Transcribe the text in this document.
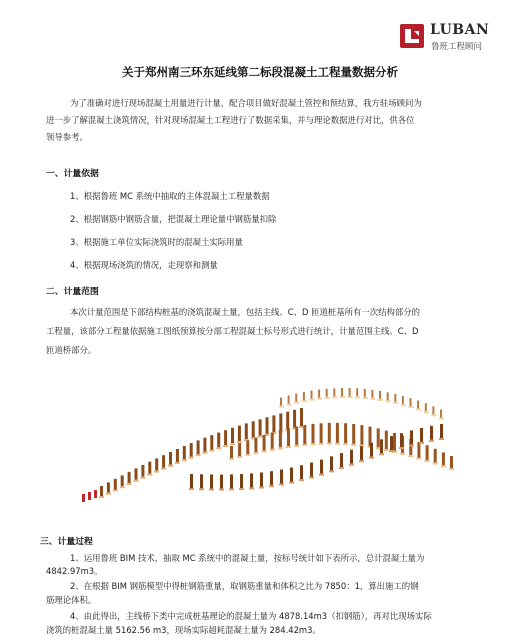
LUBAN
鲁班工程顾问
关于郑州南三环东延线第二标段混凝土工程量数据分析
为了准确对进行现场混凝土用量进行计量，配合项目做好混凝土管控和预结算，我方驻场顾问为
进一步了解混凝土浇筑情况，针对现场混凝土工程进行了数据采集，并与理论数据进行对比，供各位
领导参考。
一、计量依据
1、根据鲁班 MC 系统中抽取的主体混凝土工程量数据
2、根据钢筋中钢筋含量，把混凝土理论量中钢筋量扣除
3、根据施工单位实际浇筑时的混凝土实际用量
4、根据现场浇筑的情况，走现察和测量
二、计量范围
本次计量范围是下部结构桩基的浇筑混凝土量，包括主线、C、D 匝道桩基所有一次结构部分的
工程量，该部分工程量依据施工图纸预算按分部工程混凝土标号形式进行统计，计量范围主线、C、D
匝道桥部分。
三、计量过程
1、运用鲁班 BIM 技术，抽取 MC 系统中的混凝土量，按标号统计如下表所示，总计混凝土量为
4842.97m3。
2、在根据 BIM 钢筋模型中得桩钢筋重量，取钢筋重量和体积之比为 7850：1，算出施工的钢
筋理论体积。
4、由此得出，主线桥下类中完成桩基理论的混凝土量为 4878.14m3（扣钢筋），再对比现场实际
浇筑的桩混凝土量 5162.56 m3，现场实际超耗混凝土量为 284.42m3。
